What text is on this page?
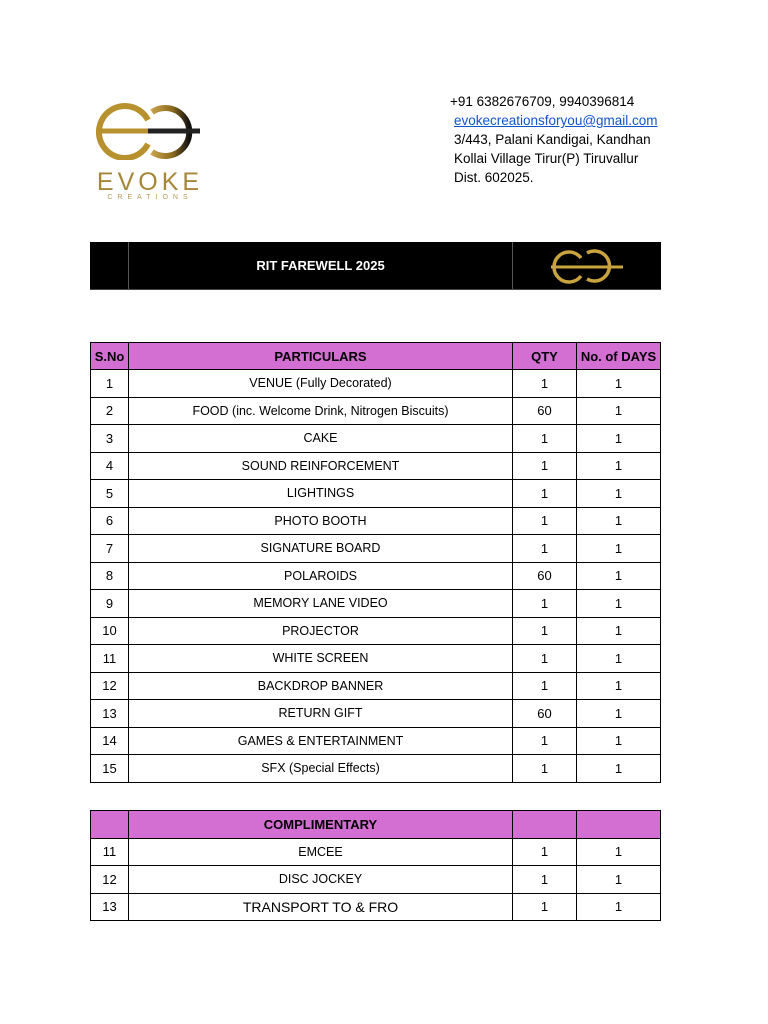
EVOKE
CREATIONS
+91 6382676709, 9940396814
evokecreationsforyou@gmail.com
3/443, Palani Kandigai, Kandhan
Kollai Village Tirur(P) Tiruvallur
Dist. 602025.
RIT FAREWELL 2025
S.No	PARTICULARS	QTY	No. of DAYS
1	VENUE (Fully Decorated)	1	1
2	FOOD (inc. Welcome Drink, Nitrogen Biscuits)	60	1
3	CAKE	1	1
4	SOUND REINFORCEMENT	1	1
5	LIGHTINGS	1	1
6	PHOTO BOOTH	1	1
7	SIGNATURE BOARD	1	1
8	POLAROIDS	60	1
9	MEMORY LANE VIDEO	1	1
10	PROJECTOR	1	1
11	WHITE SCREEN	1	1
12	BACKDROP BANNER	1	1
13	RETURN GIFT	60	1
14	GAMES & ENTERTAINMENT	1	1
15	SFX (Special Effects)	1	1
	COMPLIMENTARY		
11	EMCEE	1	1
12	DISC JOCKEY	1	1
13	TRANSPORT TO & FRO	1	1
